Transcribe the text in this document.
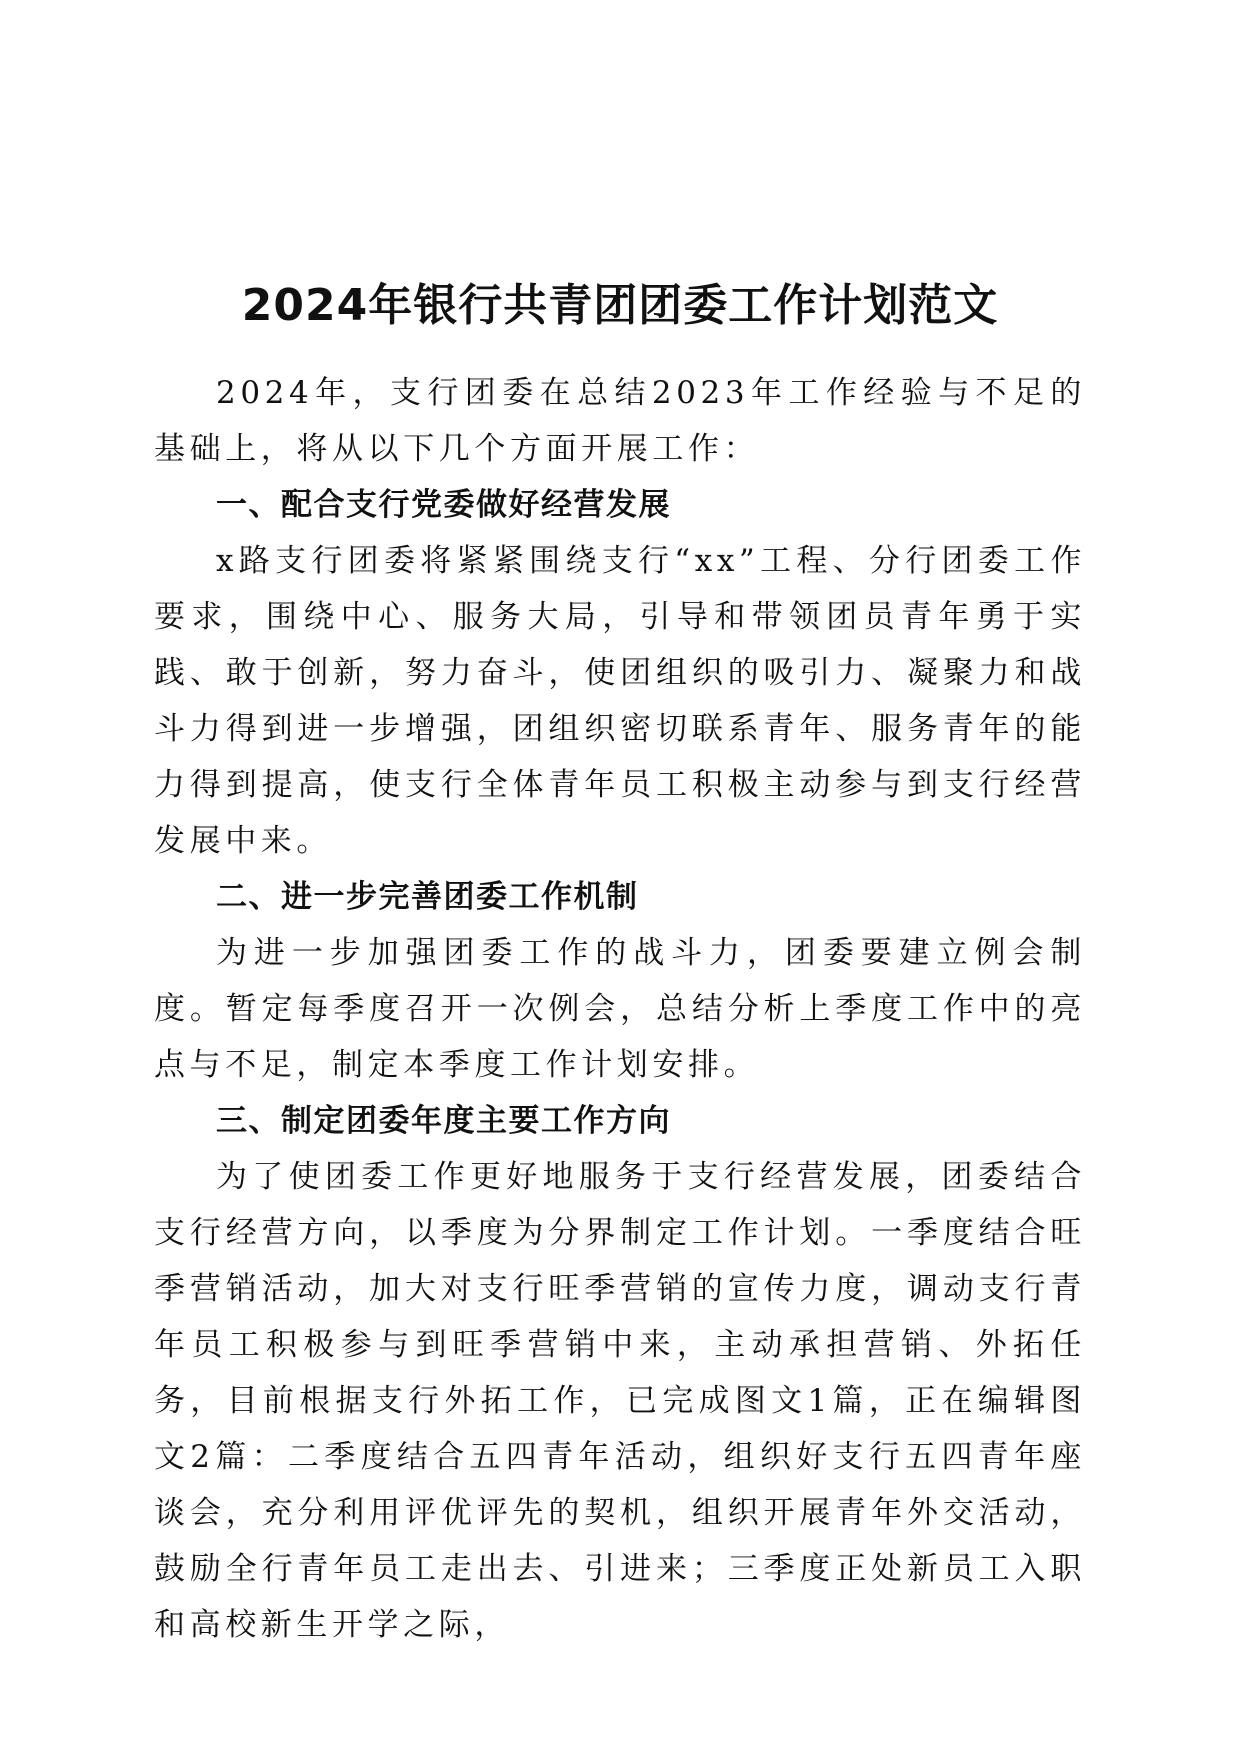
2024年银行共青团团委工作计划范文

2024年，支行团委在总结2023年工作经验与不足的基础上，将从以下几个方面开展工作：

一、配合支行党委做好经营发展

x路支行团委将紧紧围绕支行“xx”工程、分行团委工作要求，围绕中心、服务大局，引导和带领团员青年勇于实践、敢于创新，努力奋斗，使团组织的吸引力、凝聚力和战斗力得到进一步增强，团组织密切联系青年、服务青年的能力得到提高，使支行全体青年员工积极主动参与到支行经营发展中来。

二、进一步完善团委工作机制

为进一步加强团委工作的战斗力，团委要建立例会制度。暂定每季度召开一次例会，总结分析上季度工作中的亮点与不足，制定本季度工作计划安排。

三、制定团委年度主要工作方向

为了使团委工作更好地服务于支行经营发展，团委结合支行经营方向，以季度为分界制定工作计划。一季度结合旺季营销活动，加大对支行旺季营销的宣传力度，调动支行青年员工积极参与到旺季营销中来，主动承担营销、外拓任务，目前根据支行外拓工作，已完成图文1篇，正在编辑图文2篇：二季度结合五四青年活动，组织好支行五四青年座谈会，充分利用评优评先的契机，组织开展青年外交活动，鼓励全行青年员工走出去、引进来；三季度正处新员工入职和高校新生开学之际，
